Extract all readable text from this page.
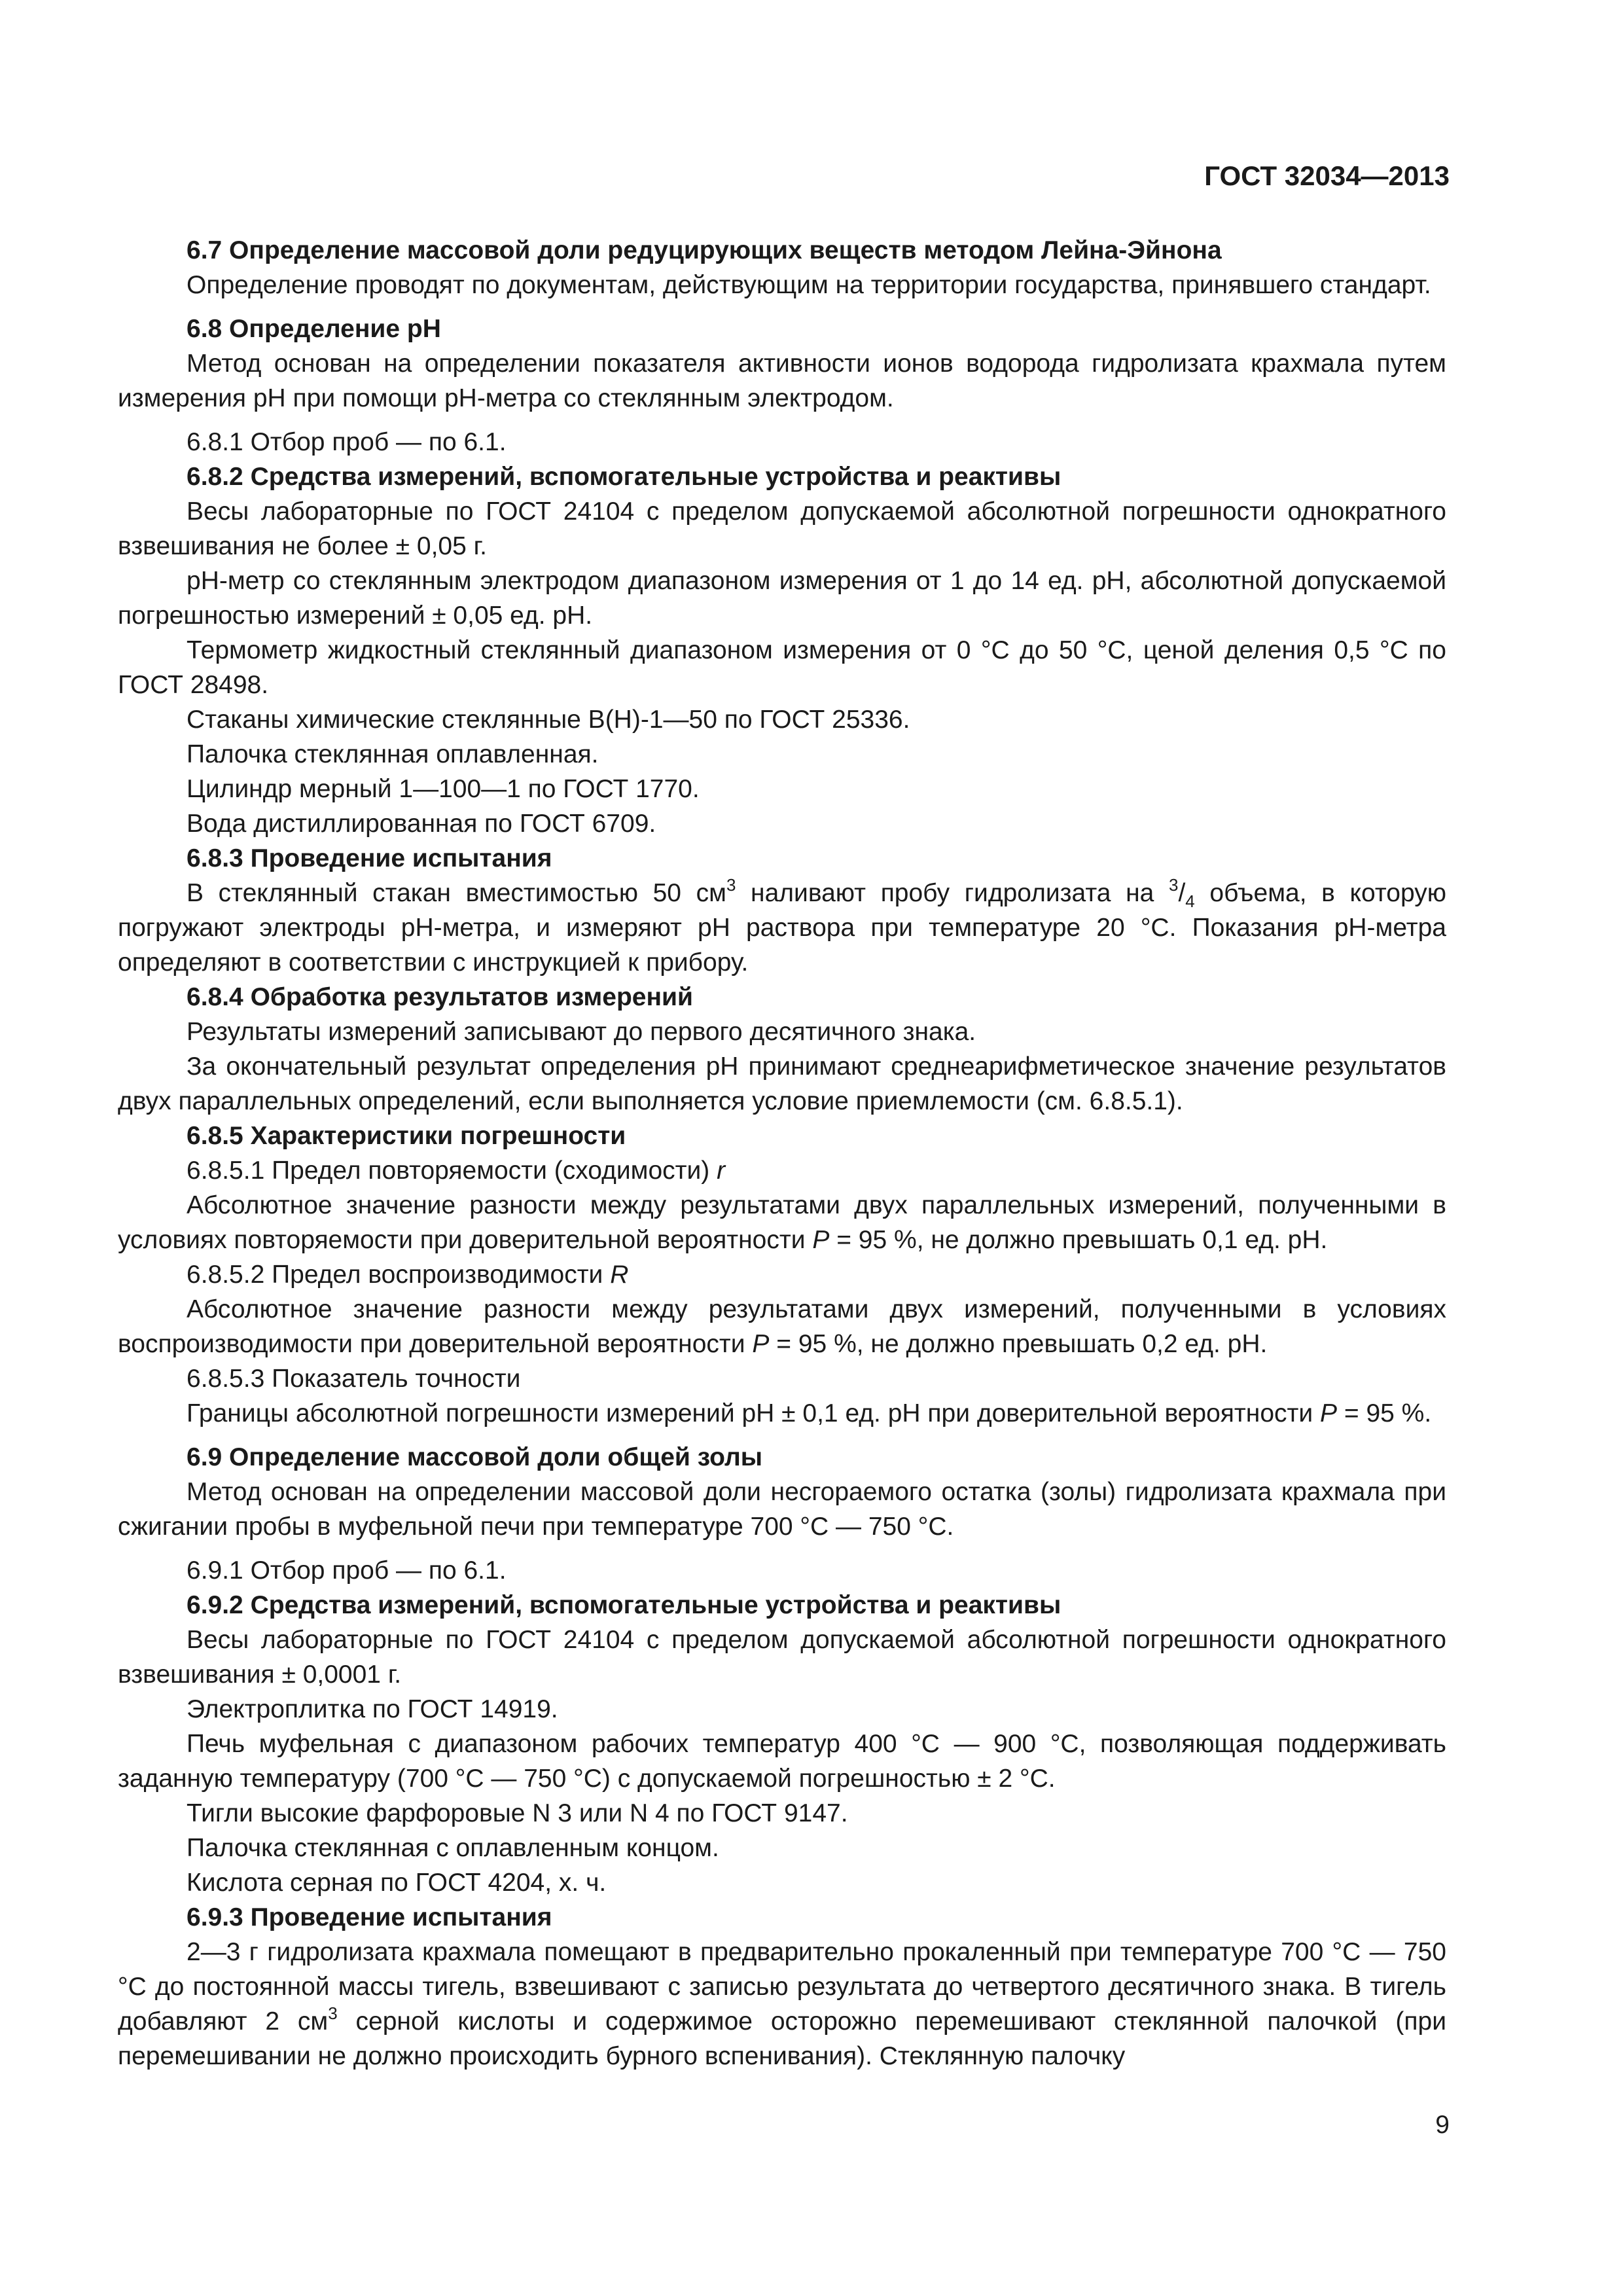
ГОСТ 32034—2013
6.7 Определение массовой доли редуцирующих веществ методом Лейна-Эйнона

Определение проводят по документам, действующим на территории государства, принявшего стандарт.

6.8 Определение pH

Метод основан на определении показателя активности ионов водорода гидролизата крахмала путем измерения pH при помощи pH-метра со стеклянным электродом.

6.8.1 Отбор проб — по 6.1.

6.8.2 Средства измерений, вспомогательные устройства и реактивы

Весы лабораторные по ГОСТ 24104 с пределом допускаемой абсолютной погрешности однократного взвешивания не более ± 0,05 г.

pH-метр со стеклянным электродом диапазоном измерения от 1 до 14 ед. pH, абсолютной допускаемой погрешностью измерений ± 0,05 ед. pH.

Термометр жидкостный стеклянный диапазоном измерения от 0 °С до 50 °С, ценой деления 0,5 °С по ГОСТ 28498.

Стаканы химические стеклянные В(Н)-1—50 по ГОСТ 25336.

Палочка стеклянная оплавленная.

Цилиндр мерный 1—100—1 по ГОСТ 1770.

Вода дистиллированная по ГОСТ 6709.

6.8.3 Проведение испытания

В стеклянный стакан вместимостью 50 $см^3$ наливают пробу гидролизата на $^3/_4$ объема, в которую погружают электроды pH-метра, и измеряют pH раствора при температуре 20 °С. Показания pH-метра определяют в соответствии с инструкцией к прибору.

6.8.4 Обработка результатов измерений

Результаты измерений записывают до первого десятичного знака.

За окончательный результат определения pH принимают среднеарифметическое значение результатов двух параллельных определений, если выполняется условие приемлемости (см. 6.8.5.1).

6.8.5 Характеристики погрешности

6.8.5.1 Предел повторяемости (сходимости) r

Абсолютное значение разности между результатами двух параллельных измерений, полученными в условиях повторяемости при доверительной вероятности P = 95 %, не должно превышать 0,1 ед. pH.

6.8.5.2 Предел воспроизводимости R

Абсолютное значение разности между результатами двух измерений, полученными в условиях воспроизводимости при доверительной вероятности P = 95 %, не должно превышать 0,2 ед. pH.

6.8.5.3 Показатель точности

Границы абсолютной погрешности измерений pH ± 0,1 ед. pH при доверительной вероятности P = 95 %.

6.9 Определение массовой доли общей золы

Метод основан на определении массовой доли несгораемого остатка (золы) гидролизата крахмала при сжигании пробы в муфельной печи при температуре 700 °С — 750 °С.

6.9.1 Отбор проб — по 6.1.

6.9.2 Средства измерений, вспомогательные устройства и реактивы

Весы лабораторные по ГОСТ 24104 с пределом допускаемой абсолютной погрешности однократного взвешивания ± 0,0001 г.

Электроплитка по ГОСТ 14919.

Печь муфельная с диапазоном рабочих температур 400 °С — 900 °С, позволяющая поддерживать заданную температуру (700 °С — 750 °С) с допускаемой погрешностью ± 2 °С.

Тигли высокие фарфоровые N 3 или N 4 по ГОСТ 9147.

Палочка стеклянная с оплавленным концом.

Кислота серная по ГОСТ 4204, х. ч.

6.9.3 Проведение испытания

2—3 г гидролизата крахмала помещают в предварительно прокаленный при температуре 700 °С — 750 °С до постоянной массы тигель, взвешивают с записью результата до четвертого десятичного знака. В тигель добавляют 2 $см^3$ серной кислоты и содержимое осторожно перемешивают стеклянной палочкой (при перемешивании не должно происходить бурного вспенивания). Стеклянную палочку

9
